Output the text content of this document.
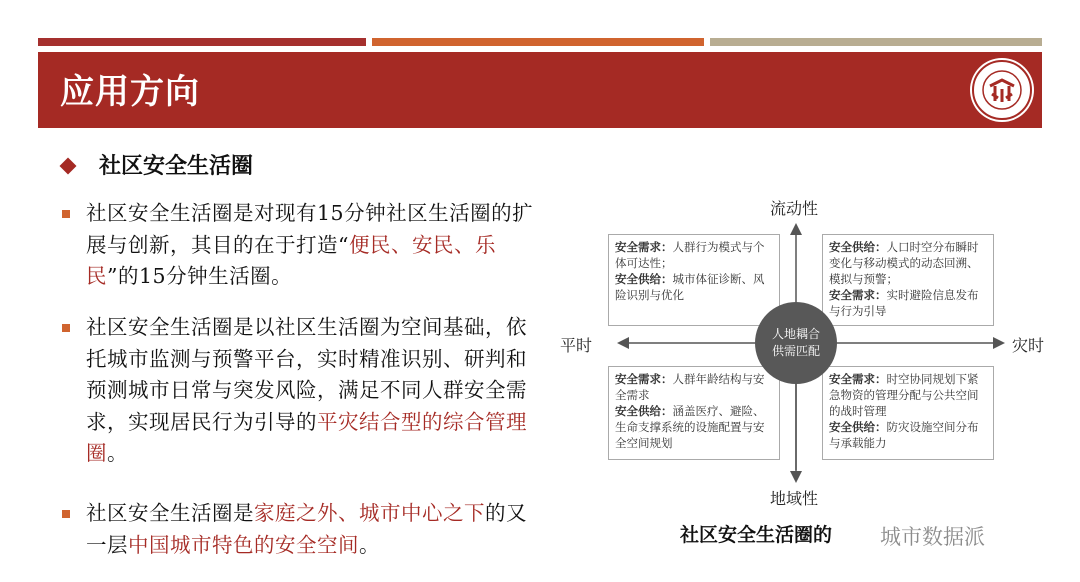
应用方向
社区安全生活圈
社区安全生活圈是对现有15分钟社区生活圈的扩展与创新，其目的在于打造“便民、安民、乐民”的15分钟生活圈。
社区安全生活圈是以社区生活圈为空间基础，依托城市监测与预警平台，实时精准识别、研判和预测城市日常与突发风险，满足不同人群安全需求，实现居民行为引导的平灾结合型的综合管理圈。
社区安全生活圈是家庭之外、城市中心之下的又一层中国城市特色的安全空间。
流动性
地域性
平时	灾时
安全需求：人群行为模式与个体可达性；
安全供给：城市体征诊断、风险识别与优化
安全供给：人口时空分布瞬时变化与移动模式的动态回溯、模拟与预警；
安全需求：实时避险信息发布与行为引导
安全需求：人群年龄结构与安全需求
安全供给：涵盖医疗、避险、生命支撑系统的设施配置与安全空间规划
安全需求：时空协同规划下紧急物资的管理分配与公共空间的战时管理
安全供给：防灾设施空间分布与承载能力
人地耦合
供需匹配
社区安全生活圈的 城市数据派
